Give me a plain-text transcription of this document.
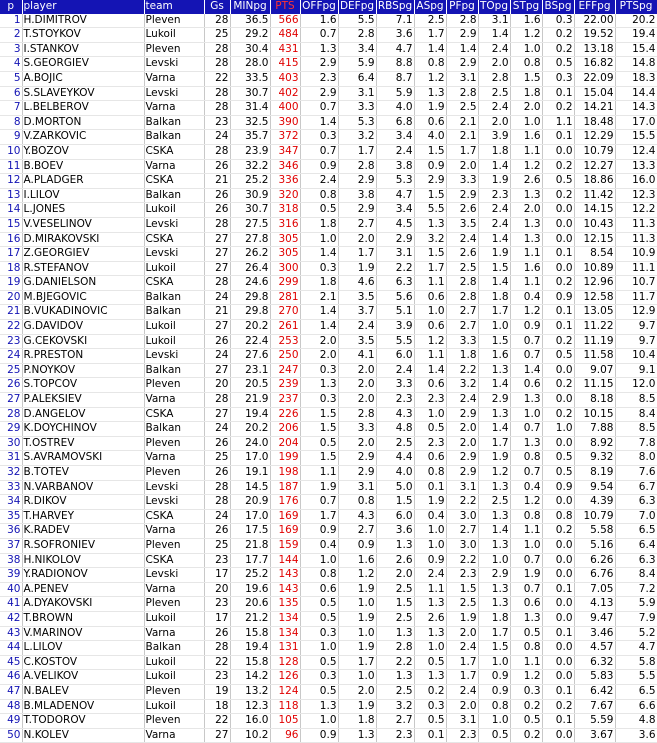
p	player	team	Gs	MINpg	PTS	OFFpg	DEFpg	RBSpg	ASpg	PFpg	TOpg	STpg	BSpg	EFFpg	PTSpg
1	H.DIMITROV	Pleven	28	36.5	566	1.6	5.5	7.1	2.5	2.8	3.1	1.6	0.3	22.00	20.2
2	T.STOYKOV	Lukoil	25	29.2	484	0.7	2.8	3.6	1.7	2.9	1.4	1.2	0.2	19.52	19.4
3	I.STANKOV	Pleven	28	30.4	431	1.3	3.4	4.7	1.4	1.4	2.4	1.0	0.2	13.18	15.4
4	S.GEORGIEV	Levski	28	28.0	415	2.9	5.9	8.8	0.8	2.9	2.0	0.8	0.5	16.82	14.8
5	A.BOJIC	Varna	22	33.5	403	2.3	6.4	8.7	1.2	3.1	2.8	1.5	0.3	22.09	18.3
6	S.SLAVEYKOV	Levski	28	30.7	402	2.9	3.1	5.9	1.3	2.8	2.5	1.8	0.1	15.04	14.4
7	L.BELBEROV	Varna	28	31.4	400	0.7	3.3	4.0	1.9	2.5	2.4	2.0	0.2	14.21	14.3
8	D.MORTON	Balkan	23	32.5	390	1.4	5.3	6.8	0.6	2.1	2.0	1.0	1.1	18.48	17.0
9	V.ZARKOVIC	Balkan	24	35.7	372	0.3	3.2	3.4	4.0	2.1	3.9	1.6	0.1	12.29	15.5
10	Y.BOZOV	CSKA	28	23.9	347	0.7	1.7	2.4	1.5	1.7	1.8	1.1	0.0	10.79	12.4
11	B.BOEV	Varna	26	32.2	346	0.9	2.8	3.8	0.9	2.0	1.4	1.2	0.2	12.27	13.3
12	A.PLADGER	CSKA	21	25.2	336	2.4	2.9	5.3	2.9	3.3	1.9	2.6	0.5	18.86	16.0
13	I.LILOV	Balkan	26	30.9	320	0.8	3.8	4.7	1.5	2.9	2.3	1.3	0.2	11.42	12.3
14	L.JONES	Lukoil	26	30.7	318	0.5	2.9	3.4	5.5	2.6	2.4	2.0	0.0	14.15	12.2
15	V.VESELINOV	Levski	28	27.5	316	1.8	2.7	4.5	1.3	3.5	2.4	1.3	0.0	10.43	11.3
16	D.MIRAKOVSKI	CSKA	27	27.8	305	1.0	2.0	2.9	3.2	2.4	1.4	1.3	0.0	12.15	11.3
17	Z.GEORGIEV	Levski	27	26.2	305	1.4	1.7	3.1	1.5	2.6	1.9	1.1	0.1	8.54	10.9
18	R.STEFANOV	Lukoil	27	26.4	300	0.3	1.9	2.2	1.7	2.5	1.5	1.6	0.0	10.89	11.1
19	G.DANIELSON	CSKA	28	24.6	299	1.8	4.6	6.3	1.1	2.8	1.4	1.1	0.2	12.96	10.7
20	M.BJEGOVIC	Balkan	24	29.8	281	2.1	3.5	5.6	0.6	2.8	1.8	0.4	0.9	12.58	11.7
21	B.VUKADINOVIC	Balkan	21	29.8	270	1.4	3.7	5.1	1.0	2.7	1.7	1.2	0.1	13.05	12.9
22	G.DAVIDOV	Lukoil	27	20.2	261	1.4	2.4	3.9	0.6	2.7	1.0	0.9	0.1	11.22	9.7
23	G.CEKOVSKI	Lukoil	26	22.4	253	2.0	3.5	5.5	1.2	3.3	1.5	0.7	0.2	11.19	9.7
24	R.PRESTON	Levski	24	27.6	250	2.0	4.1	6.0	1.1	1.8	1.6	0.7	0.5	11.58	10.4
25	P.NOYKOV	Balkan	27	23.1	247	0.3	2.0	2.4	1.4	2.2	1.3	1.4	0.0	9.07	9.1
26	S.TOPCOV	Pleven	20	20.5	239	1.3	2.0	3.3	0.6	3.2	1.4	0.6	0.2	11.15	12.0
27	P.ALEKSIEV	Varna	28	21.9	237	0.3	2.0	2.3	2.3	2.4	2.9	1.3	0.0	8.18	8.5
28	D.ANGELOV	CSKA	27	19.4	226	1.5	2.8	4.3	1.0	2.9	1.3	1.0	0.2	10.15	8.4
29	K.DOYCHINOV	Balkan	24	20.2	206	1.5	3.3	4.8	0.5	2.0	1.4	0.7	1.0	7.88	8.5
30	T.OSTREV	Pleven	26	24.0	204	0.5	2.0	2.5	2.3	2.0	1.7	1.3	0.0	8.92	7.8
31	S.AVRAMOVSKI	Varna	25	17.0	199	1.5	2.9	4.4	0.6	2.9	1.9	0.8	0.5	9.32	8.0
32	B.TOTEV	Pleven	26	19.1	198	1.1	2.9	4.0	0.8	2.9	1.2	0.7	0.5	8.19	7.6
33	N.VARBANOV	Levski	28	14.5	187	1.9	3.1	5.0	0.1	3.1	1.3	0.4	0.9	9.54	6.7
34	R.DIKOV	Levski	28	20.9	176	0.7	0.8	1.5	1.9	2.2	2.5	1.2	0.0	4.39	6.3
35	T.HARVEY	CSKA	24	17.0	169	1.7	4.3	6.0	0.4	3.0	1.3	0.8	0.8	10.79	7.0
36	K.RADEV	Varna	26	17.5	169	0.9	2.7	3.6	1.0	2.7	1.4	1.1	0.2	5.58	6.5
37	R.SOFRONIEV	Pleven	25	21.8	159	0.4	0.9	1.3	1.0	3.0	1.3	1.0	0.0	5.16	6.4
38	H.NIKOLOV	CSKA	23	17.7	144	1.0	1.6	2.6	0.9	2.2	1.0	0.7	0.0	6.26	6.3
39	Y.RADIONOV	Levski	17	25.2	143	0.8	1.2	2.0	2.4	2.3	2.9	1.9	0.0	6.76	8.4
40	A.PENEV	Varna	20	19.6	143	0.6	1.9	2.5	1.1	1.5	1.3	0.7	0.1	7.05	7.2
41	A.DYAKOVSKI	Pleven	23	20.6	135	0.5	1.0	1.5	1.3	2.5	1.3	0.6	0.0	4.13	5.9
42	T.BROWN	Lukoil	17	21.2	134	0.5	1.9	2.5	2.6	1.9	1.8	1.3	0.0	9.47	7.9
43	V.MARINOV	Varna	26	15.8	134	0.3	1.0	1.3	1.3	2.0	1.7	0.5	0.1	3.46	5.2
44	L.LILOV	Balkan	28	19.4	131	1.0	1.9	2.8	1.0	2.4	1.5	0.8	0.0	4.57	4.7
45	C.KOSTOV	Lukoil	22	15.8	128	0.5	1.7	2.2	0.5	1.7	1.0	1.1	0.0	6.32	5.8
46	A.VELIKOV	Lukoil	23	14.2	126	0.3	1.0	1.3	1.3	1.7	0.9	1.2	0.0	5.83	5.5
47	N.BALEV	Pleven	19	13.2	124	0.5	2.0	2.5	0.2	2.4	0.9	0.3	0.1	6.42	6.5
48	B.MLADENOV	Lukoil	18	12.3	118	1.3	1.9	3.2	0.3	2.0	0.8	0.2	0.2	7.67	6.6
49	T.TODOROV	Pleven	22	16.0	105	1.0	1.8	2.7	0.5	3.1	1.0	0.5	0.1	5.59	4.8
50	N.KOLEV	Varna	27	10.2	96	0.9	1.3	2.3	0.1	2.3	0.5	0.2	0.0	3.67	3.6
